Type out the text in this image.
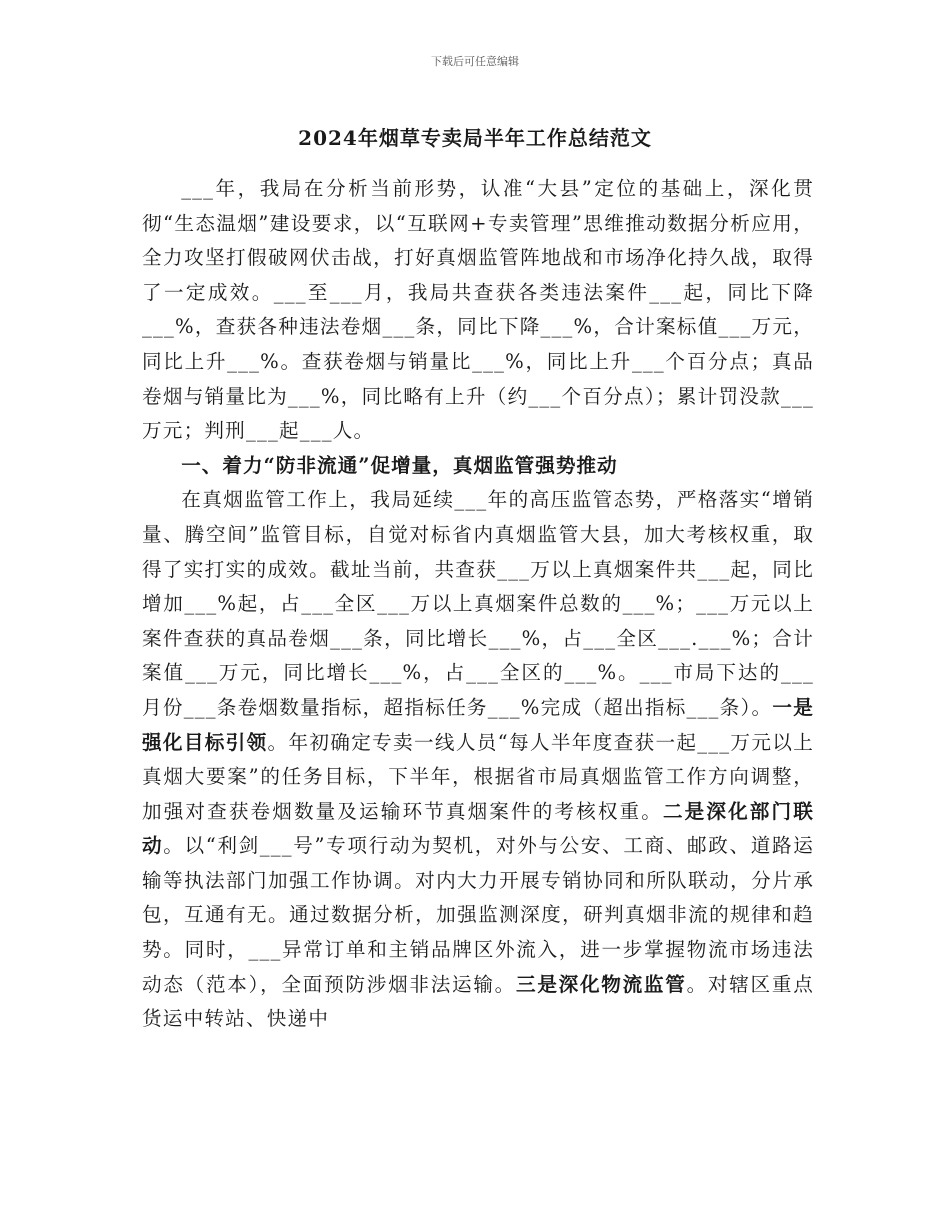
下载后可任意编辑
2024年烟草专卖局半年工作总结范文

___年，我局在分析当前形势，认准“大县”定位的基础上，深化贯彻“生态温烟”建设要求，以“互联网+专卖管理”思维推动数据分析应用，全力攻坚打假破网伏击战，打好真烟监管阵地战和市场净化持久战，取得了一定成效。___至___月，我局共查获各类违法案件___起，同比下降___%，查获各种违法卷烟___条，同比下降___%，合计案标值___万元，同比上升___%。查获卷烟与销量比___%，同比上升___个百分点；真品卷烟与销量比为___%，同比略有上升（约___个百分点）；累计罚没款___万元；判刑___起___人。

一、着力“防非流通”促增量，真烟监管强势推动

在真烟监管工作上，我局延续___年的高压监管态势，严格落实“增销量、腾空间”监管目标，自觉对标省内真烟监管大县，加大考核权重，取得了实打实的成效。截址当前，共查获___万以上真烟案件共___起，同比增加___%起，占___全区___万以上真烟案件总数的___%；___万元以上案件查获的真品卷烟___条，同比增长___%，占___全区___.___%；合计案值___万元，同比增长___%，占___全区的___%。___市局下达的___月份___条卷烟数量指标，超指标任务___%完成（超出指标___条）。一是强化目标引领。年初确定专卖一线人员“每人半年度查获一起___万元以上真烟大要案”的任务目标，下半年，根据省市局真烟监管工作方向调整，加强对查获卷烟数量及运输环节真烟案件的考核权重。二是深化部门联动。以“利剑___号”专项行动为契机，对外与公安、工商、邮政、道路运输等执法部门加强工作协调。对内大力开展专销协同和所队联动，分片承包，互通有无。通过数据分析，加强监测深度，研判真烟非流的规律和趋势。同时，___异常订单和主销品牌区外流入，进一步掌握物流市场违法动态（范本），全面预防涉烟非法运输。三是深化物流监管。对辖区重点货运中转站、快递中
